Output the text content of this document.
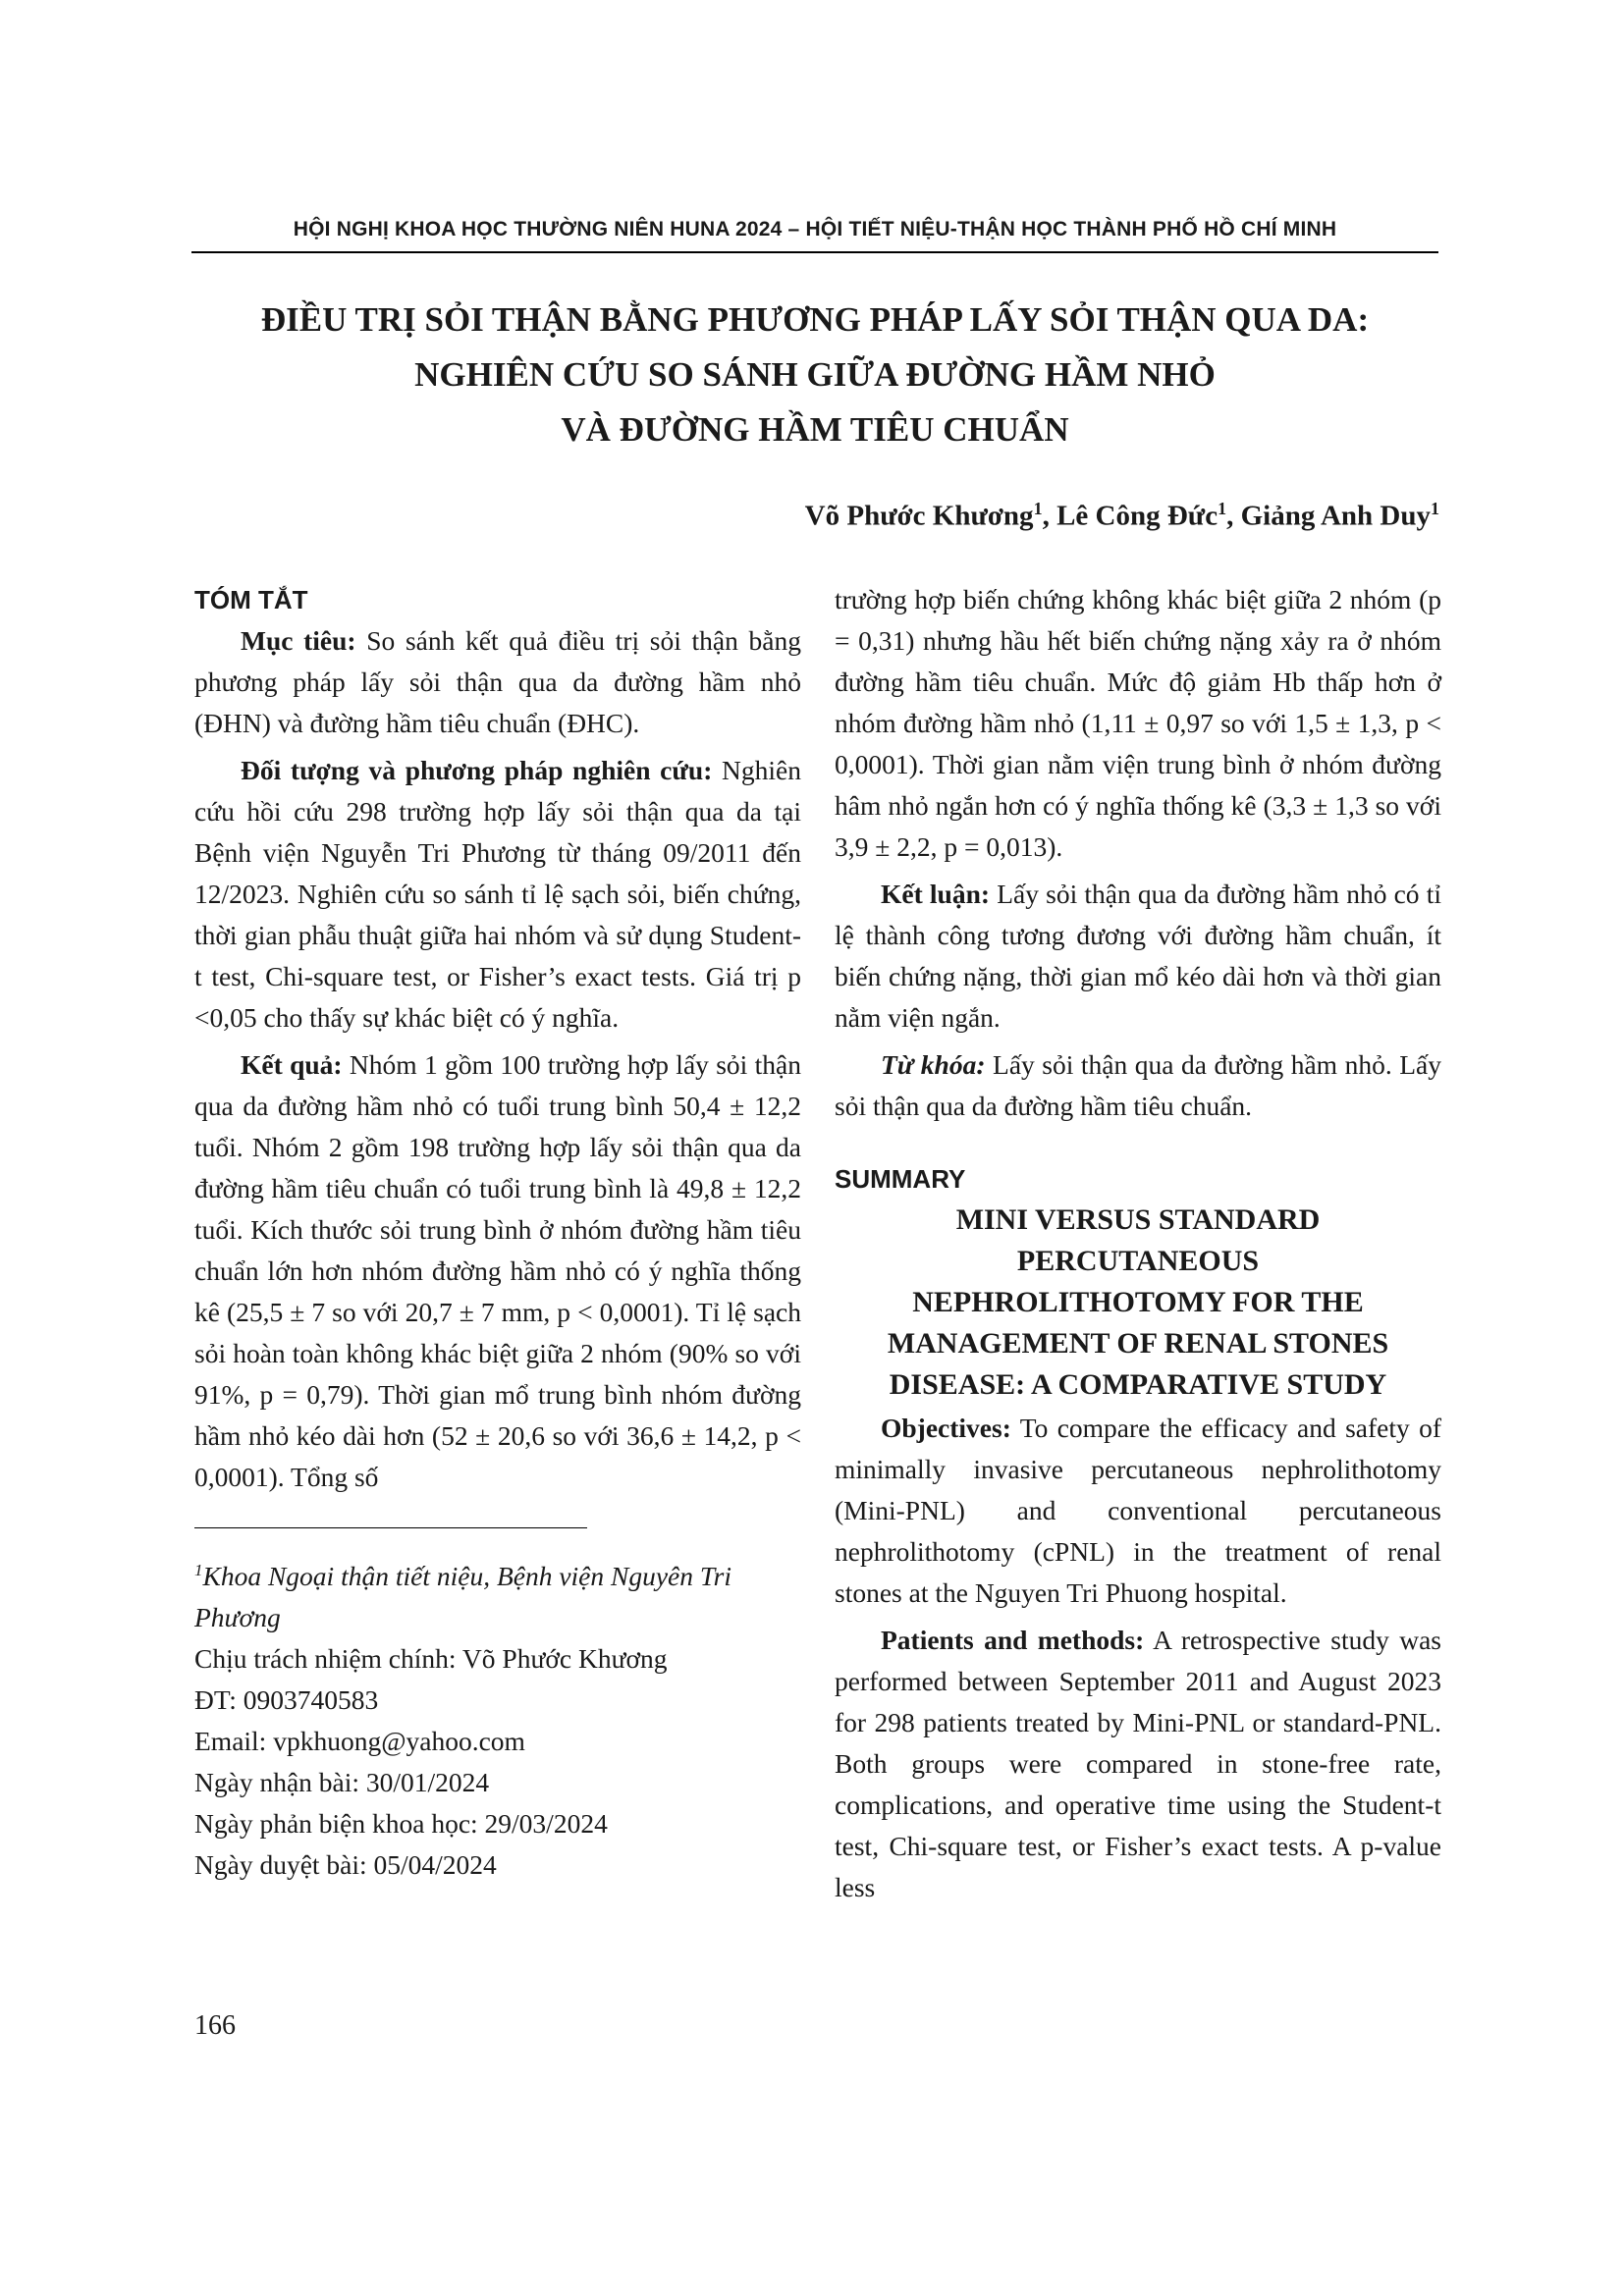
HỘI NGHỊ KHOA HỌC THƯỜNG NIÊN HUNA 2024 – HỘI TIẾT NIỆU-THẬN HỌC THÀNH PHỐ HỒ CHÍ MINH
ĐIỀU TRỊ SỎI THẬN BẰNG PHƯƠNG PHÁP LẤY SỎI THẬN QUA DA:
NGHIÊN CỨU SO SÁNH GIỮA ĐƯỜNG HẦM NHỎ
VÀ ĐƯỜNG HẦM TIÊU CHUẨN
Võ Phước Khương$^1$, Lê Công Đức$^1$, Giảng Anh Duy$^1$

TÓM TẮT

Mục tiêu: So sánh kết quả điều trị sỏi thận bằng phương pháp lấy sỏi thận qua da đường hầm nhỏ (ĐHN) và đường hầm tiêu chuẩn (ĐHC).

Đối tượng và phương pháp nghiên cứu: Nghiên cứu hồi cứu 298 trường hợp lấy sỏi thận qua da tại Bệnh viện Nguyễn Tri Phương từ tháng 09/2011 đến 12/2023. Nghiên cứu so sánh tỉ lệ sạch sỏi, biến chứng, thời gian phẫu thuật giữa hai nhóm và sử dụng Student-t test, Chi-square test, or Fisher’s exact tests. Giá trị p <0,05 cho thấy sự khác biệt có ý nghĩa.

Kết quả: Nhóm 1 gồm 100 trường hợp lấy sỏi thận qua da đường hầm nhỏ có tuổi trung bình 50,4 ± 12,2 tuổi. Nhóm 2 gồm 198 trường hợp lấy sỏi thận qua da đường hầm tiêu chuẩn có tuổi trung bình là 49,8 ± 12,2 tuổi. Kích thước sỏi trung bình ở nhóm đường hầm tiêu chuẩn lớn hơn nhóm đường hầm nhỏ có ý nghĩa thống kê (25,5 ± 7 so với 20,7 ± 7 mm, p < 0,0001). Tỉ lệ sạch sỏi hoàn toàn không khác biệt giữa 2 nhóm (90% so với 91%, p = 0,79). Thời gian mổ trung bình nhóm đường hầm nhỏ kéo dài hơn (52 ± 20,6 so với 36,6 ± 14,2, p < 0,0001). Tổng số

$^1$Khoa Ngoại thận tiết niệu, Bệnh viện Nguyên Tri Phương

Chịu trách nhiệm chính: Võ Phước Khương

ĐT: 0903740583

Email: vpkhuong@yahoo.com

Ngày nhận bài: 30/01/2024

Ngày phản biện khoa học: 29/03/2024

Ngày duyệt bài: 05/04/2024

trường hợp biến chứng không khác biệt giữa 2 nhóm (p = 0,31) nhưng hầu hết biến chứng nặng xảy ra ở nhóm đường hầm tiêu chuẩn. Mức độ giảm Hb thấp hơn ở nhóm đường hầm nhỏ (1,11 ± 0,97 so với 1,5 ± 1,3, p < 0,0001). Thời gian nằm viện trung bình ở nhóm đường hâm nhỏ ngắn hơn có ý nghĩa thống kê (3,3 ± 1,3 so với 3,9 ± 2,2, p = 0,013).

Kết luận: Lấy sỏi thận qua da đường hầm nhỏ có tỉ lệ thành công tương đương với đường hầm chuẩn, ít biến chứng nặng, thời gian mổ kéo dài hơn và thời gian nằm viện ngắn.

Từ khóa: Lấy sỏi thận qua da đường hầm nhỏ. Lấy sỏi thận qua da đường hầm tiêu chuẩn.

SUMMARY

MINI VERSUS STANDARD
PERCUTANEOUS
NEPHROLITHOTOMY FOR THE
MANAGEMENT OF RENAL STONES
DISEASE: A COMPARATIVE STUDY

Objectives: To compare the efficacy and safety of minimally invasive percutaneous nephrolithotomy (Mini-PNL) and conventional percutaneous nephrolithotomy (cPNL) in the treatment of renal stones at the Nguyen Tri Phuong hospital.

Patients and methods: A retrospective study was performed between September 2011 and August 2023 for 298 patients treated by Mini-PNL or standard-PNL. Both groups were compared in stone-free rate, complications, and operative time using the Student-t test, Chi-square test, or Fisher’s exact tests. A p-value less

166
